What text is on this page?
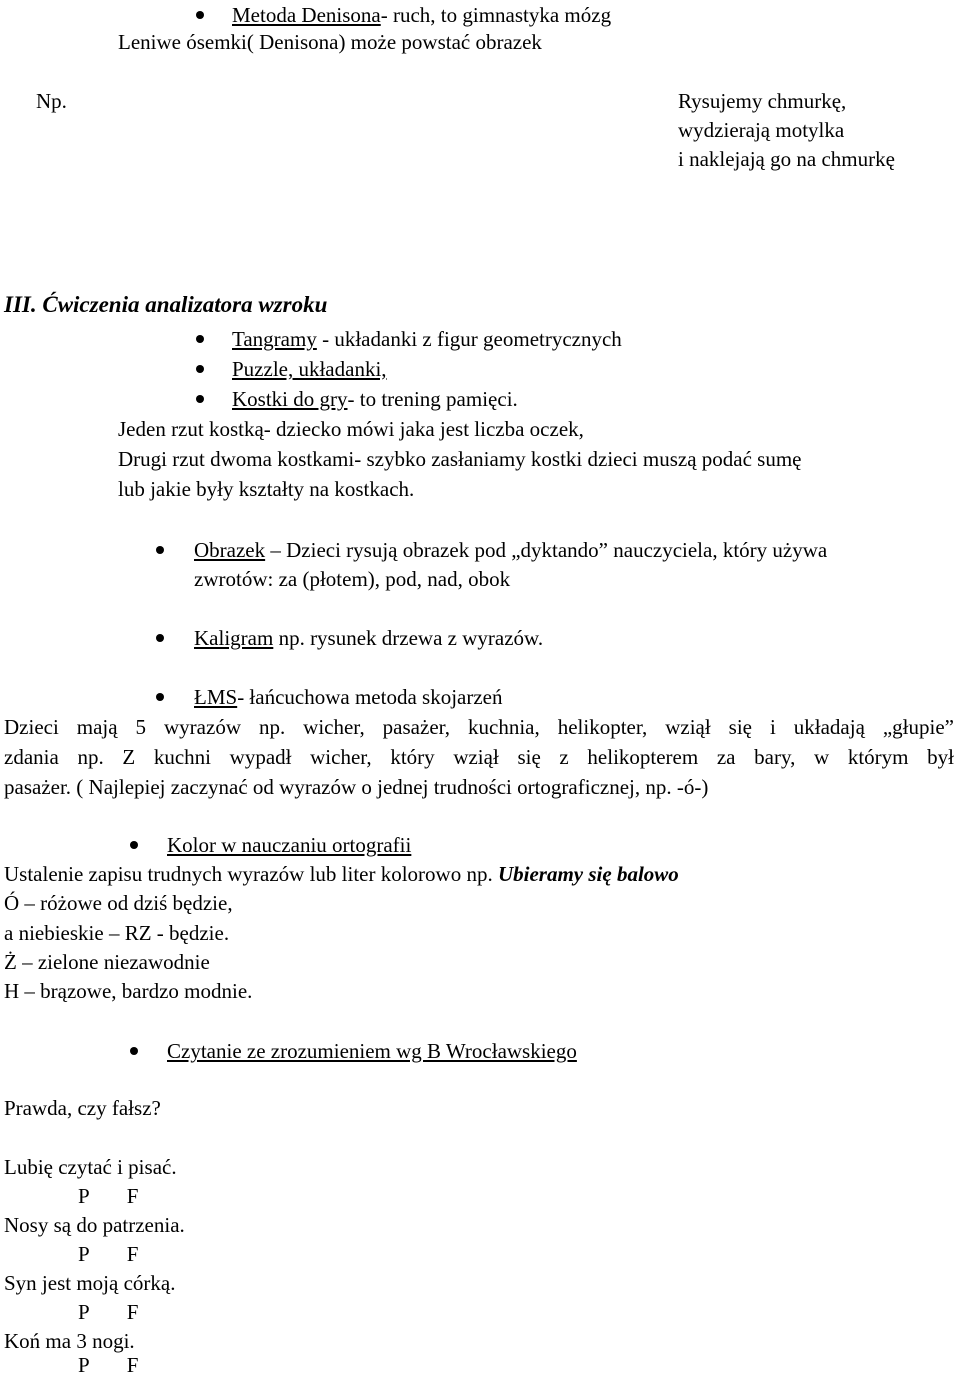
Metoda Denisona- ruch, to gimnastyka mózg

Leniwe ósemki( Denisona) może powstać obrazek

Np.	Rysujemy chmurkę,

wydzierają motylka

i naklejają go na chmurkę

III. Ćwiczenia analizatora wzroku

Tangramy - układanki z figur geometrycznych
Puzzle, układanki,
Kostki do gry- to trening pamięci.

Jeden rzut kostką- dziecko mówi jaka jest liczba oczek,

Drugi rzut dwoma kostkami- szybko zasłaniamy kostki dzieci muszą podać sumę

lub jakie były kształty na kostkach.

Obrazek – Dzieci rysują obrazek pod „dyktando” nauczyciela, który używa

zwrotów: za (płotem), pod, nad, obok

Kaligram np. rysunek drzewa z wyrazów.
ŁMS- łańcuchowa metoda skojarzeń

Dzieci mają 5 wyrazów np. wicher, pasażer, kuchnia, helikopter, wziął się i układają „głupie”

zdania np. Z kuchni wypadł wicher, który wziął się z helikopterem za bary, w którym był

pasażer. ( Najlepiej zaczynać od wyrazów o jednej trudności ortograficznej, np. -ó-)

Kolor w nauczaniu ortografii

Ustalenie zapisu trudnych wyrazów lub liter kolorowo np. Ubieramy się balowo

Ó – różowe od dziś będzie,

a niebieskie – RZ - będzie.

Ż – zielone niezawodnie

H – brązowe, bardzo modnie.

Czytanie ze zrozumieniem wg B Wrocławskiego

Prawda, czy fałsz?

Lubię czytać i pisać.

P F

Nosy są do patrzenia.

P F

Syn jest moją córką.

P F

Koń ma 3 nogi.

P F
